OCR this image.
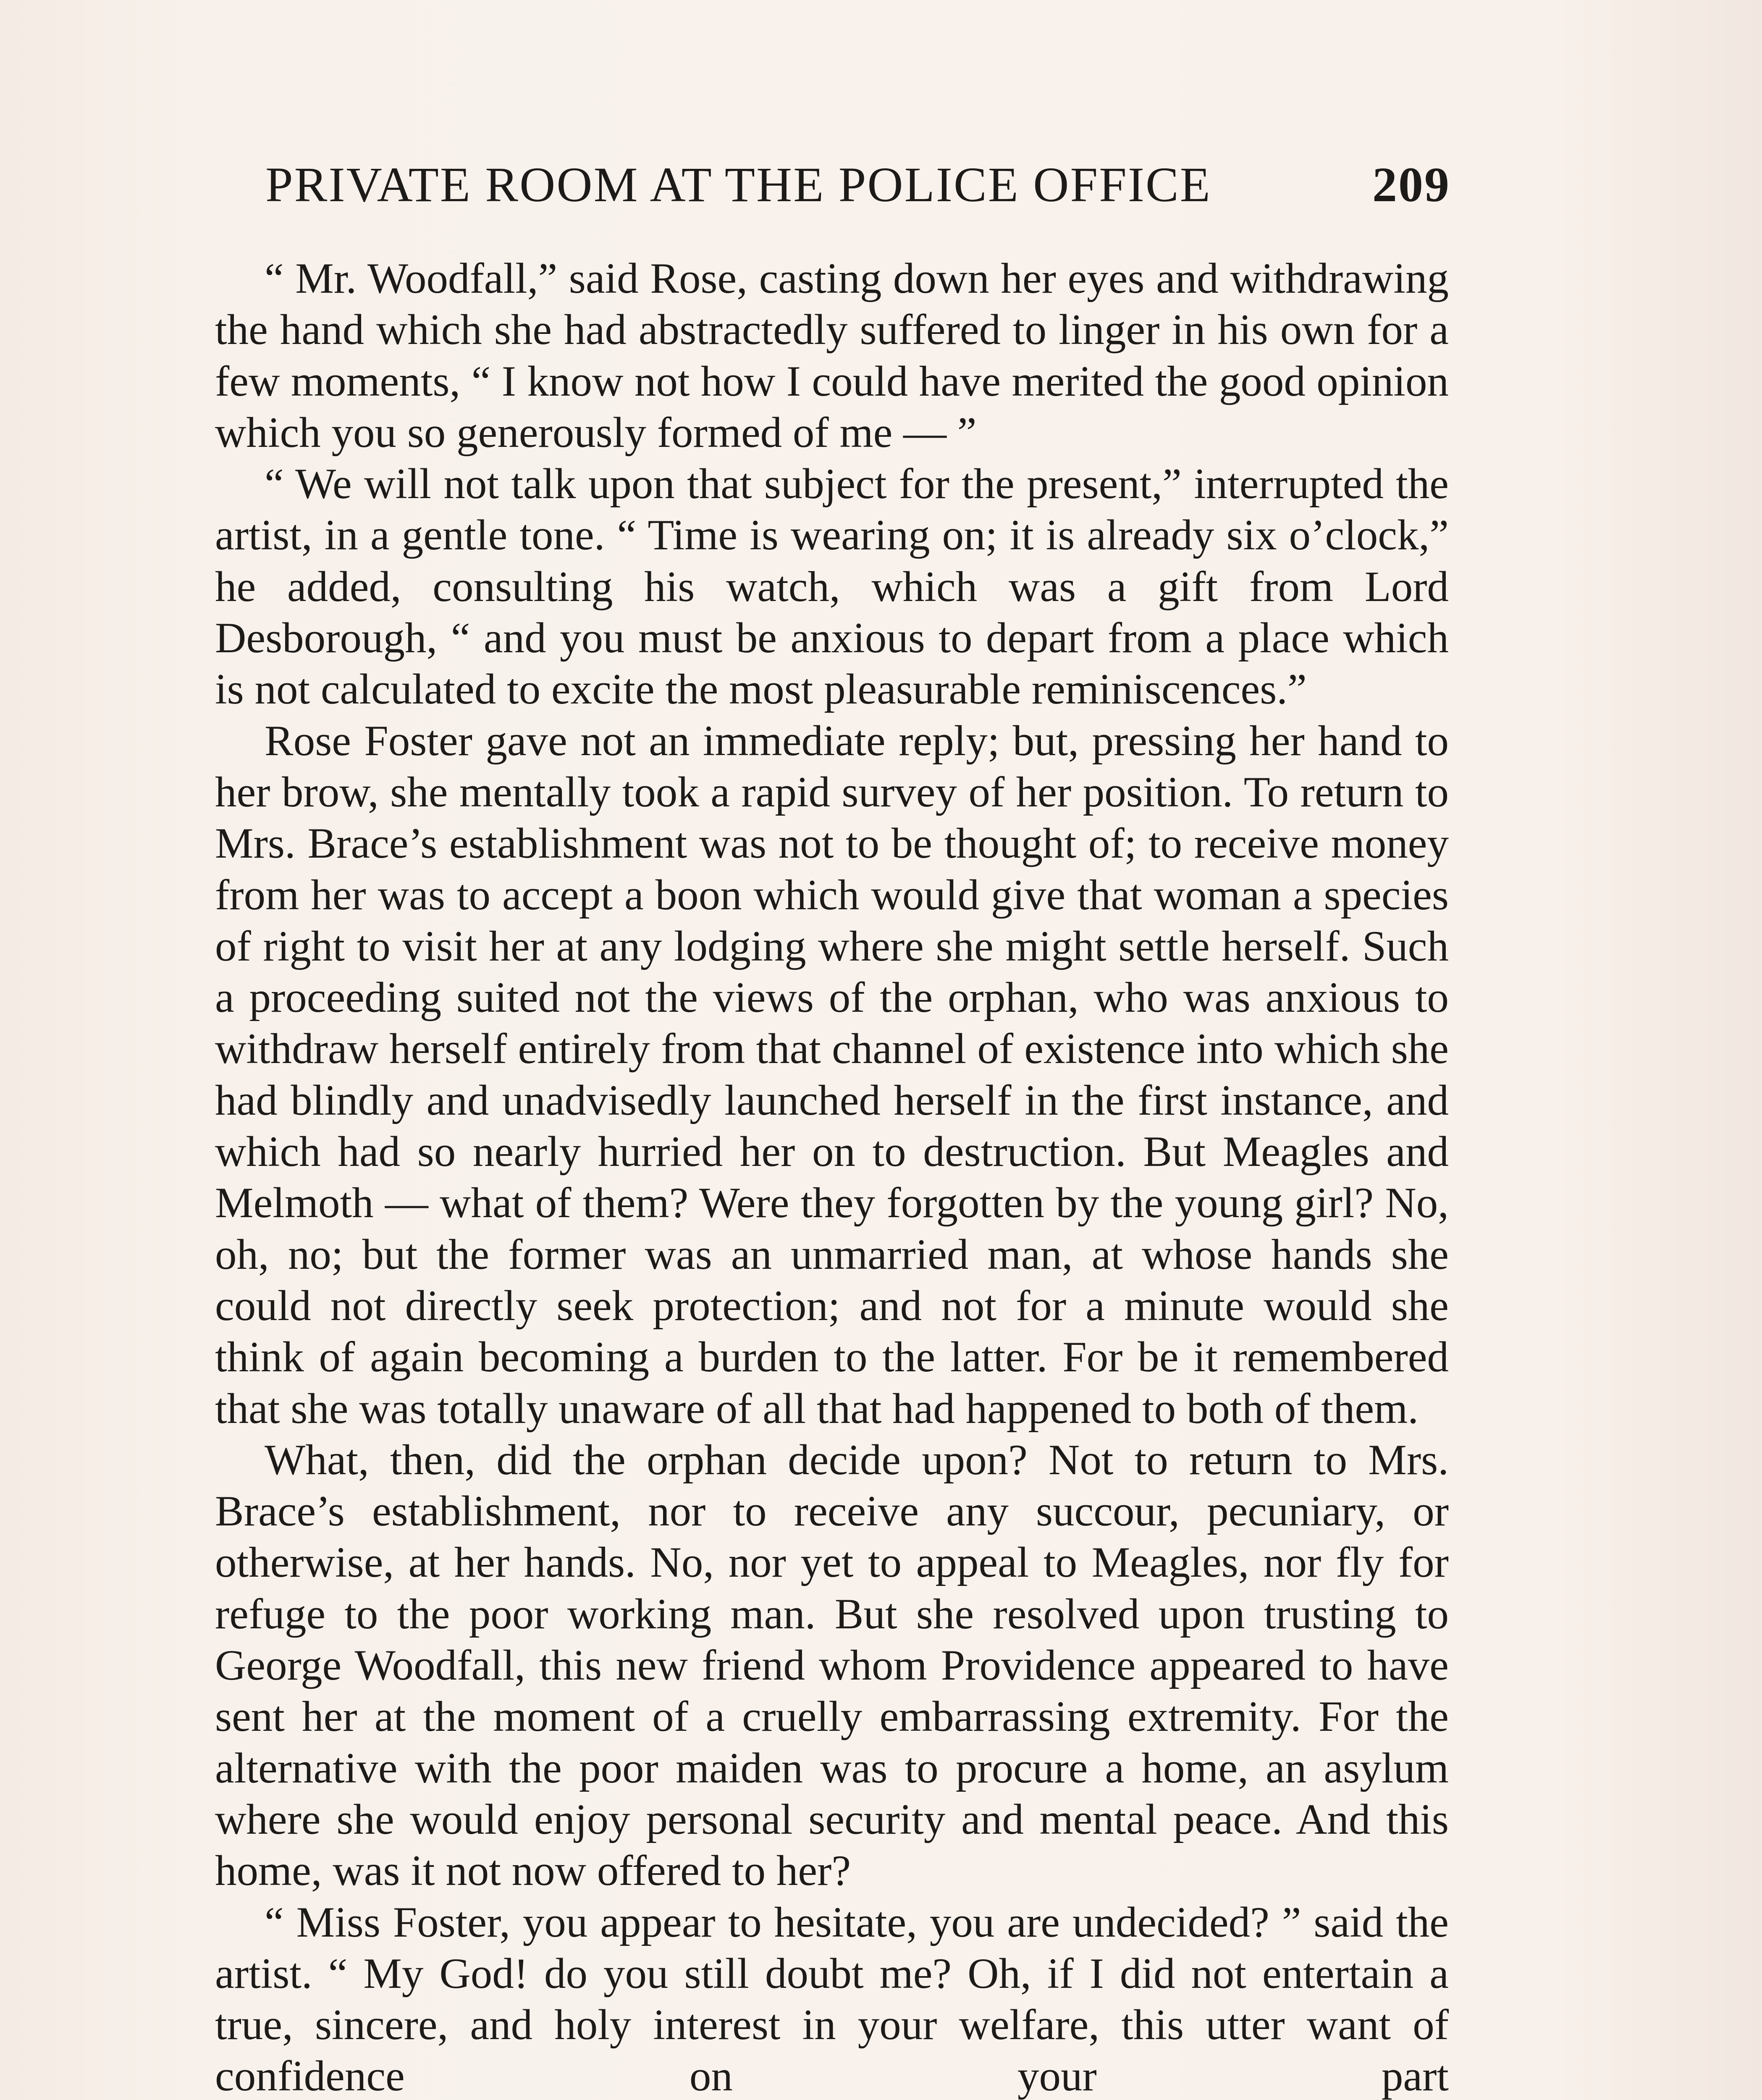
PRIVATE ROOM AT THE POLICE OFFICE	209

“ Mr. Woodfall,” said Rose, casting down her eyes and withdrawing the hand which she had abstractedly suffered to linger in his own for a few moments, “ I know not how I could have merited the good opinion which you so generously formed of me — ”

“ We will not talk upon that subject for the present,” interrupted the artist, in a gentle tone. “ Time is wearing on; it is already six o’clock,” he added, consulting his watch, which was a gift from Lord Desborough, “ and you must be anxious to depart from a place which is not calculated to excite the most pleasurable reminiscences.”

Rose Foster gave not an immediate reply; but, pressing her hand to her brow, she mentally took a rapid survey of her position. To return to Mrs. Brace’s establishment was not to be thought of; to receive money from her was to accept a boon which would give that woman a species of right to visit her at any lodging where she might settle herself. Such a proceeding suited not the views of the orphan, who was anxious to withdraw herself entirely from that channel of existence into which she had blindly and unadvisedly launched herself in the first instance, and which had so nearly hurried her on to destruction. But Meagles and Melmoth — what of them? Were they forgotten by the young girl? No, oh, no; but the former was an unmarried man, at whose hands she could not directly seek protection; and not for a minute would she think of again becoming a burden to the latter. For be it remembered that she was totally unaware of all that had happened to both of them.

What, then, did the orphan decide upon? Not to return to Mrs. Brace’s establishment, nor to receive any succour, pecuniary, or otherwise, at her hands. No, nor yet to appeal to Meagles, nor fly for refuge to the poor working man. But she resolved upon trusting to George Woodfall, this new friend whom Providence appeared to have sent her at the moment of a cruelly embarrassing extremity. For the alternative with the poor maiden was to procure a home, an asylum where she would enjoy personal security and mental peace. And this home, was it not now offered to her?

“ Miss Foster, you appear to hesitate, you are undecided? ” said the artist. “ My God! do you still doubt me? Oh, if I did not entertain a true, sincere, and holy interest in your welfare, this utter want of confidence on your part
